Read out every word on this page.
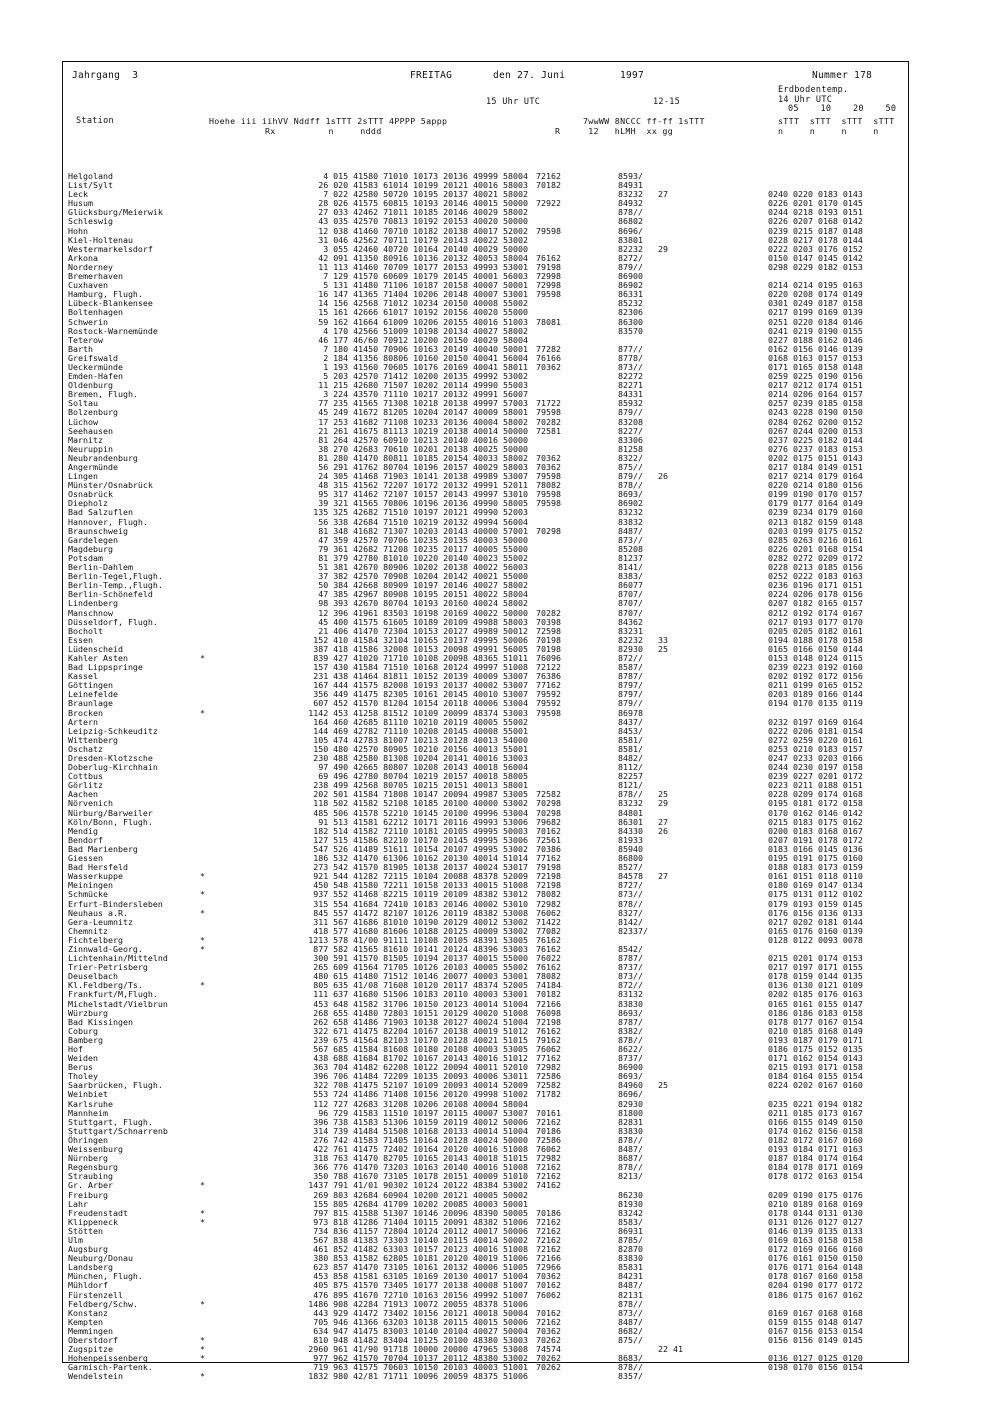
Jahrgang  3	FREITAG	den 27. Juni	1997	Nummer 178
Erdbodentemp.
14 Uhr UTC
05    10    20    50
15 Uhr UTC	12-15
Station	Hoehe iii iihVV Nddff 1sTTT 2sTTT 4PPPP 5appp
Rx          n     nddd	R
7wwWW 8NCCC ff-ff 1sTTT
12   hLMH  xx gg
sTTT  sTTT  sTTT  sTTT
n     n     n     n
Helgoland	4 015 41580 71010 10173 20136 49999 58004 72162	8593/
List/Sylt	26 020 41583 61014 10199 20121 40016 58003 70182	84931
Leck	7 022 42580 50720 10195 20137 40021 58002	83232 27	0240 0220 0183 0143
Husum	28 026 41575 60815 10193 20146 40015 50000 72922	84932	0226 0201 0170 0145
Glücksburg/Meierwik	27 033 42462 71011 10185 20146 40029 58002	878//	0244 0218 0193 0151
Schleswig	43 035 42570 70813 10192 20153 40020 50000	86802	0226 0207 0168 0142
Hohn	12 038 41460 70710 10182 20138 40017 52002 79598	8696/	0239 0215 0187 0148
Kiel-Holtenau	31 046 42562 70711 10179 20143 40022 53002	83801	0228 0217 0178 0144
Westermarkelsdorf	3 055 42460 40720 10164 20140 40029 50000	82232 29	0222 0203 0176 0152
Arkona	42 091 41350 80916 10136 20132 40053 58004 76162	8272/	0150 0147 0145 0142
Norderney	11 113 41460 70709 10177 20153 49993 53001 79198	879//	0298 0229 0182 0153
Bremerhaven	7 129 41570 60609 10179 20145 40001 56003 72998	86900
Cuxhaven	5 131 41480 71106 10187 20158 40007 50001 72998	86902	0214 0214 0195 0163
Hamburg, Flugh.	16 147 41365 71404 10206 20148 40007 53001 79598	86331	0220 0208 0174 0149
Lübeck-Blankensee	14 156 42568 71012 10234 20150 40008 55002	85232	0301 0249 0187 0158
Boltenhagen	15 161 42666 61017 10192 20156 40020 55000	82306	0217 0199 0169 0139
Schwerin	59 162 41664 61009 10206 20155 40016 51003 78081	86300	0251 0220 0184 0146
Rostock-Warnemünde	4 170 42566 51009 10198 20134 40027 58002	83570	0241 0219 0190 0155
Teterow	46 177 46/60 70912 10200 20150 40029 58004	0227 0188 0162 0146
Barth	7 180 41450 70906 10163 20149 40040 50001 77282	877//	0162 0156 0146 0139
Greifswald	2 184 41356 80806 10160 20150 40041 56004 76166	8778/	0168 0163 0157 0153
Ueckermünde	1 193 41560 70605 10176 20169 40041 58011 70362	873//	0171 0165 0158 0148
Emden-Hafen	5 203 42570 71412 10200 20135 49992 53002	82272	0259 0225 0190 0156
Oldenburg	11 215 42680 71507 10202 20114 49990 55003	82271	0217 0212 0174 0151
Bremen, Flugh.	3 224 43570 71110 10217 20132 49991 56007	84331	0214 0206 0164 0157
Soltau	77 235 41565 71308 10218 20138 49997 57003 71722	85932	0257 0239 0185 0158
Bolzenburg	45 249 41672 81205 10204 20147 40009 58001 79598	879//	0243 0228 0190 0150
Lüchow	17 253 41682 71108 10233 20136 40004 58002 70282	83208	0284 0262 0200 0152
Seehausen	21 261 41675 81113 10219 20138 40014 50000 72581	8227/	0267 0244 0200 0153
Marnitz	81 264 42570 60910 10213 20140 40016 50000	83306	0237 0225 0182 0144
Neuruppin	38 270 42683 70610 10201 20138 40025 50000	81258	0276 0237 0183 0153
Neubrandenburg	81 280 41470 80811 10185 20154 40033 58002 70362	8322/	0202 0175 0151 0143
Angermünde	56 291 41762 80704 10196 20157 40029 58003 70362	875//	0217 0184 0149 0151
Lingen	24 305 41468 71903 10141 20138 49989 53007 79598	879// 26	0217 0214 0179 0164
Münster/Osnabrück	48 315 41562 72207 10172 20132 49991 52011 78082	878//	0220 0214 0180 0156
Osnabrück	95 317 41462 72107 10157 20143 49997 53010 79598	8693/	0199 0190 0170 0157
Diepholz	39 321 41565 70806 10196 20136 49990 58005 79598	86902	0179 0177 0164 0149
Bad Salzuflen	135 325 42682 71510 10197 20121 49990 52003	83232	0239 0234 0179 0160
Hannover, Flugh.	56 338 42684 71510 10219 20132 49994 56004	83832	0213 0182 0159 0148
Braunschweig	81 348 41682 71307 10203 20143 40000 57001 70298	8487/	0203 0199 0175 0152
Gardelegen	47 359 42570 70706 10235 20135 40003 50000	873//	0285 0263 0216 0161
Magdeburg	79 361 42682 71208 10235 20117 40005 55000	85208	0226 0201 0168 0154
Potsdam	81 379 42780 81010 10220 20140 40023 55002	81237	0282 0272 0209 0172
Berlin-Dahlem	51 381 42670 80906 10202 20138 40022 56003	8141/	0228 0213 0185 0156
Berlin-Tegel,Flugh.	37 382 42570 70908 10204 20142 40021 55000	8383/	0252 0222 0183 0163
Berlin-Temp.,Flugh.	50 384 42668 80909 10197 20146 40027 58002	86077	0236 0196 0171 0151
Berlin-Schönefeld	47 385 42967 80908 10195 20151 40022 58004	8707/	0224 0206 0178 0156
Lindenberg	98 393 42670 80704 10193 20160 40024 58002	8707/	0207 0182 0165 0157
Manschnow	12 396 41961 83503 10198 20169 40022 50000 70282	8707/	0212 0192 0174 0167
Düsseldorf, Flugh.	45 400 41575 61605 10189 20109 49988 58003 70398	84362	0217 0193 0177 0170
Bocholt	21 406 41470 72304 10153 20127 49989 50012 72598	83231	0205 0205 0182 0161
Essen	152 410 41584 32104 10165 20137 49995 50006 70198	82232 33	0194 0188 0178 0158
Lüdenscheid	387 418 41586 32008 10153 20098 49991 56005 70198	82930 25	0165 0166 0150 0144
Kahler Asten	*	839 427 41020 71710 10108 20098 48365 51011 76096	872//	0153 0148 0124 0115
Bad Lippspringe	157 430 41584 71510 10168 20124 49997 51008 72122	8587/	0239 0223 0192 0160
Kassel	231 438 41464 81811 10152 20139 40009 53007 76386	8787/	0202 0192 0172 0156
Göttingen	167 444 41575 82008 10193 20137 40002 53007 77162	8797/	0211 0199 0165 0152
Leinefelde	356 449 41475 82305 10161 20145 40010 53007 79592	8797/	0203 0189 0166 0144
Braunlage	607 452 41570 81204 10154 20118 40006 53004 79592	879//	0194 0170 0135 0119
Brocken	*	1142 453 41258 81512 10109 20099 48374 53003 79598	86978
Artern	164 460 42685 81110 10210 20119 40005 55002	8437/	0232 0197 0169 0164
Leipzig-Schkeuditz	144 469 42782 71110 10208 20145 40008 55001	8453/	0222 0206 0181 0154
Wittenberg	105 474 42783 81007 10213 20128 40013 54000	8581/	0272 0259 0220 0161
Oschatz	150 480 42570 80905 10210 20156 40013 55001	8581/	0253 0210 0183 0157
Dresden-Klotzsche	230 488 42580 81308 10204 20141 40016 53003	8482/	0247 0233 0203 0166
Doberlug-Kirchhain	97 490 42665 80807 10208 20143 40018 56004	8112/	0244 0230 0197 0158
Cottbus	69 496 42780 80704 10219 20157 40018 58005	82257	0239 0227 0201 0172
Görlitz	238 499 42568 80705 10215 20151 40013 58001	8121/	0223 0211 0188 0151
Aachen	202 501 41584 71808 10147 20094 49987 53005 72582	878// 25	0228 0209 0174 0168
Nörvenich	118 502 41582 52108 10185 20100 40000 53002 70298	83232 29	0195 0181 0172 0158
Nürburg/Barweiler	485 506 41578 52210 10145 20100 49996 53004 70298	84801	0170 0162 0146 0142
Köln/Bonn, Flugh.	91 513 41581 62212 10171 20116 49993 53006 79682	86301 27	0215 0183 0175 0162
Mendig	182 514 41582 72110 10181 20105 49995 50003 70162	84330 26	0200 0183 0168 0167
Bendorf	127 515 41586 82210 10170 20145 49995 53006 72561	81933	0207 0191 0178 0172
Bad Marienberg	547 526 41489 51611 10154 20107 49995 53002 70386	85940	0183 0166 0145 0136
Giessen	186 532 41470 61306 10162 20130 40014 51014 77162	86800	0195 0191 0175 0160
Bad Hersfeld	273 542 41570 81905 10138 20137 40024 53017 79198	8527/	0188 0183 0173 0159
Wasserkuppe	*	921 544 41282 72115 10104 20088 48378 52009 72198	84578 27	0161 0151 0118 0110
Meiningen	450 548 41580 72211 10158 20133 40015 51008 72198	8727/	0180 0169 0147 0134
Schmücke	*	937 552 41468 82215 10119 20109 48382 53012 78082	873//	0175 0131 0112 0102
Erfurt-Bindersleben	315 554 41684 72410 10183 20146 40002 53010 72982	878//	0179 0193 0159 0145
Neuhaus a.R.	*	845 557 41472 82107 10126 20119 48382 53008 76062	8327/	0176 0156 0136 0133
Gera-Leumnitz	311 567 41686 81010 10190 20129 40012 53002 71422	8142/	0217 0202 0181 0144
Chemnitz	418 577 41680 81606 10188 20125 40009 53002 77082	82337/	0165 0176 0160 0139
Fichtelberg	*	1213 578 41/00 91111 10108 20105 48391 53005 76162	0128 0122 0093 0078
Zinnwald-Georg.	*	877 582 41565 81610 10141 20124 48396 53003 76162	8542/
Lichtenhain/Mittelnd	300 591 41570 81505 10194 20137 40015 55000 76022	8787/	0215 0201 0174 0153
Trier-Petrisberg	265 609 41564 71705 10126 20103 40005 55002 76162	8737/	0217 0197 0171 0155
Deuselbach	480 615 41480 71512 10146 20077 40003 53001 78082	873//	0178 0159 0144 0135
Kl.Feldberg/Ts.	*	805 635 41/08 71608 10120 20117 48374 52005 74184	872//	0136 0130 0121 0109
Frankfurt/M,Flugh.	111 637 41680 51506 10183 20110 40003 53001 70182	83132	0202 0185 0176 0163
Michelstadt/Vielbrun	453 648 41582 31706 10150 20123 40014 51004 72166	83830	0165 0161 0155 0147
Würzburg	268 655 41480 72803 10151 20129 40020 51008 76098	8693/	0186 0186 0183 0158
Bad Kissingen	262 658 41486 71903 10138 20127 40024 51004 72198	8787/	0178 0177 0167 0154
Coburg	322 671 41475 82204 10167 20138 40019 51012 76162	8382/	0210 0185 0168 0149
Bamberg	239 675 41564 82103 10170 20128 40021 51015 79162	878//	0193 0187 0179 0171
Hof	567 685 41584 81608 10180 20108 40003 53005 76062	8622/	0186 0175 0152 0135
Weiden	438 688 41684 81702 10167 20143 40016 51012 77162	8737/	0171 0162 0154 0143
Berus	363 704 41482 62208 10122 20094 40011 52010 72982	86900	0215 0193 0171 0158
Tholey	396 706 41484 72209 10135 20093 40006 53011 72586	8693/	0184 0164 0155 0154
Saarbrücken, Flugh.	322 708 41475 52107 10109 20093 40014 52009 72582	84960 25	0224 0202 0167 0160
Weinbiet	553 724 41486 71408 10156 20120 49998 51002 71782	8696/
Karlsruhe	112 727 42683 31208 10206 20108 40004 58004	82930	0235 0221 0194 0182
Mannheim	96 729 41583 11510 10197 20115 40007 53007 70161	81800	0211 0185 0173 0167
Stuttgart, Flugh.	396 738 41583 51306 10159 20119 40012 50006 72162	82831	0166 0155 0149 0150
Stuttgart/Schnarrenb	314 739 41484 51508 10168 20133 40014 51004 70186	83830	0174 0162 0156 0158
Öhringen	276 742 41583 71405 10164 20128 40024 50000 72586	878//	0182 0172 0167 0160
Weissenburg	422 761 41475 72402 10164 20120 40016 51008 76062	8487/	0193 0184 0171 0163
Nürnberg	318 763 41470 82705 10165 20143 40018 51015 72982	8687/	0187 0184 0174 0164
Regensburg	366 776 41470 73203 10163 20140 40016 51008 72162	878//	0184 0178 0171 0169
Straubing	350 788 41670 73105 10178 20151 40009 51010 72162	8213/	0178 0172 0163 0154
Gr. Arber	*	1437 791 41/01 90302 10124 20122 48384 53002 74162
Freiburg	269 803 42684 60904 10200 20121 40005 50002	86230	0209 0190 0175 0176
Lahr	155 805 42684 41709 10202 20085 40003 50001	81930	0210 0189 0168 0169
Freudenstadt	*	797 815 41588 51307 10146 20096 48390 50005 70186	83242	0178 0144 0131 0130
Klippeneck	*	973 818 41286 71404 10115 20091 48382 51006 72162	8583/	0131 0126 0127 0127
Stötten	734 836 41157 72804 10124 20112 40017 50006 72162	86931	0146 0139 0135 0133
Ulm	567 838 41383 73303 10140 20115 40014 50002 72162	8785/	0169 0163 0158 0158
Augsburg	461 852 41482 63303 10157 20123 40016 51008 72162	82870	0172 0169 0166 0160
Neuburg/Donau	380 853 41582 62805 10181 20120 40019 51006 72166	83830	0176 0161 0150 0150
Landsberg	623 857 41470 73105 10161 20132 40006 51005 72966	85831	0176 0171 0164 0148
München, Flugh.	453 858 41581 63105 10169 20130 40017 51004 70362	84231	0178 0167 0160 0158
Mühldorf	405 875 41570 73405 10177 20138 40008 51007 70162	8487/	0204 0190 0177 0172
Fürstenzell	476 895 41670 72710 10163 20156 49992 51007 76062	82131	0186 0175 0167 0162
Feldberg/Schw.	*	1486 908 42284 71913 10072 20055 48378 51006	878//
Konstanz	443 929 41472 73402 10156 20121 40018 50004 70162	873//	0169 0167 0168 0168
Kempten	705 946 41366 63203 10138 20115 40015 50006 72162	8487/	0159 0155 0148 0147
Memmingen	634 947 41475 83003 10140 20104 40027 50004 70362	8682/	0167 0156 0153 0154
Oberstdorf	*	810 948 41482 83404 10125 20100 48380 53003 70262	875//	0156 0156 0149 0145
Zugspitze	*	2960 961 41/90 91718 10000 20000 47965 53008 74574	22 41
Hohenpeissenberg	*	977 962 41570 70704 10137 20112 48380 53002 70262	8683/	0136 0127 0125 0120
Garmisch-Partenk.	719 963 41575 70603 10150 20103 40003 51001 70262	878//	0198 0170 0156 0154
Wendelstein	*	1832 980 42/81 71711 10096 20059 48375 51006	8357/
